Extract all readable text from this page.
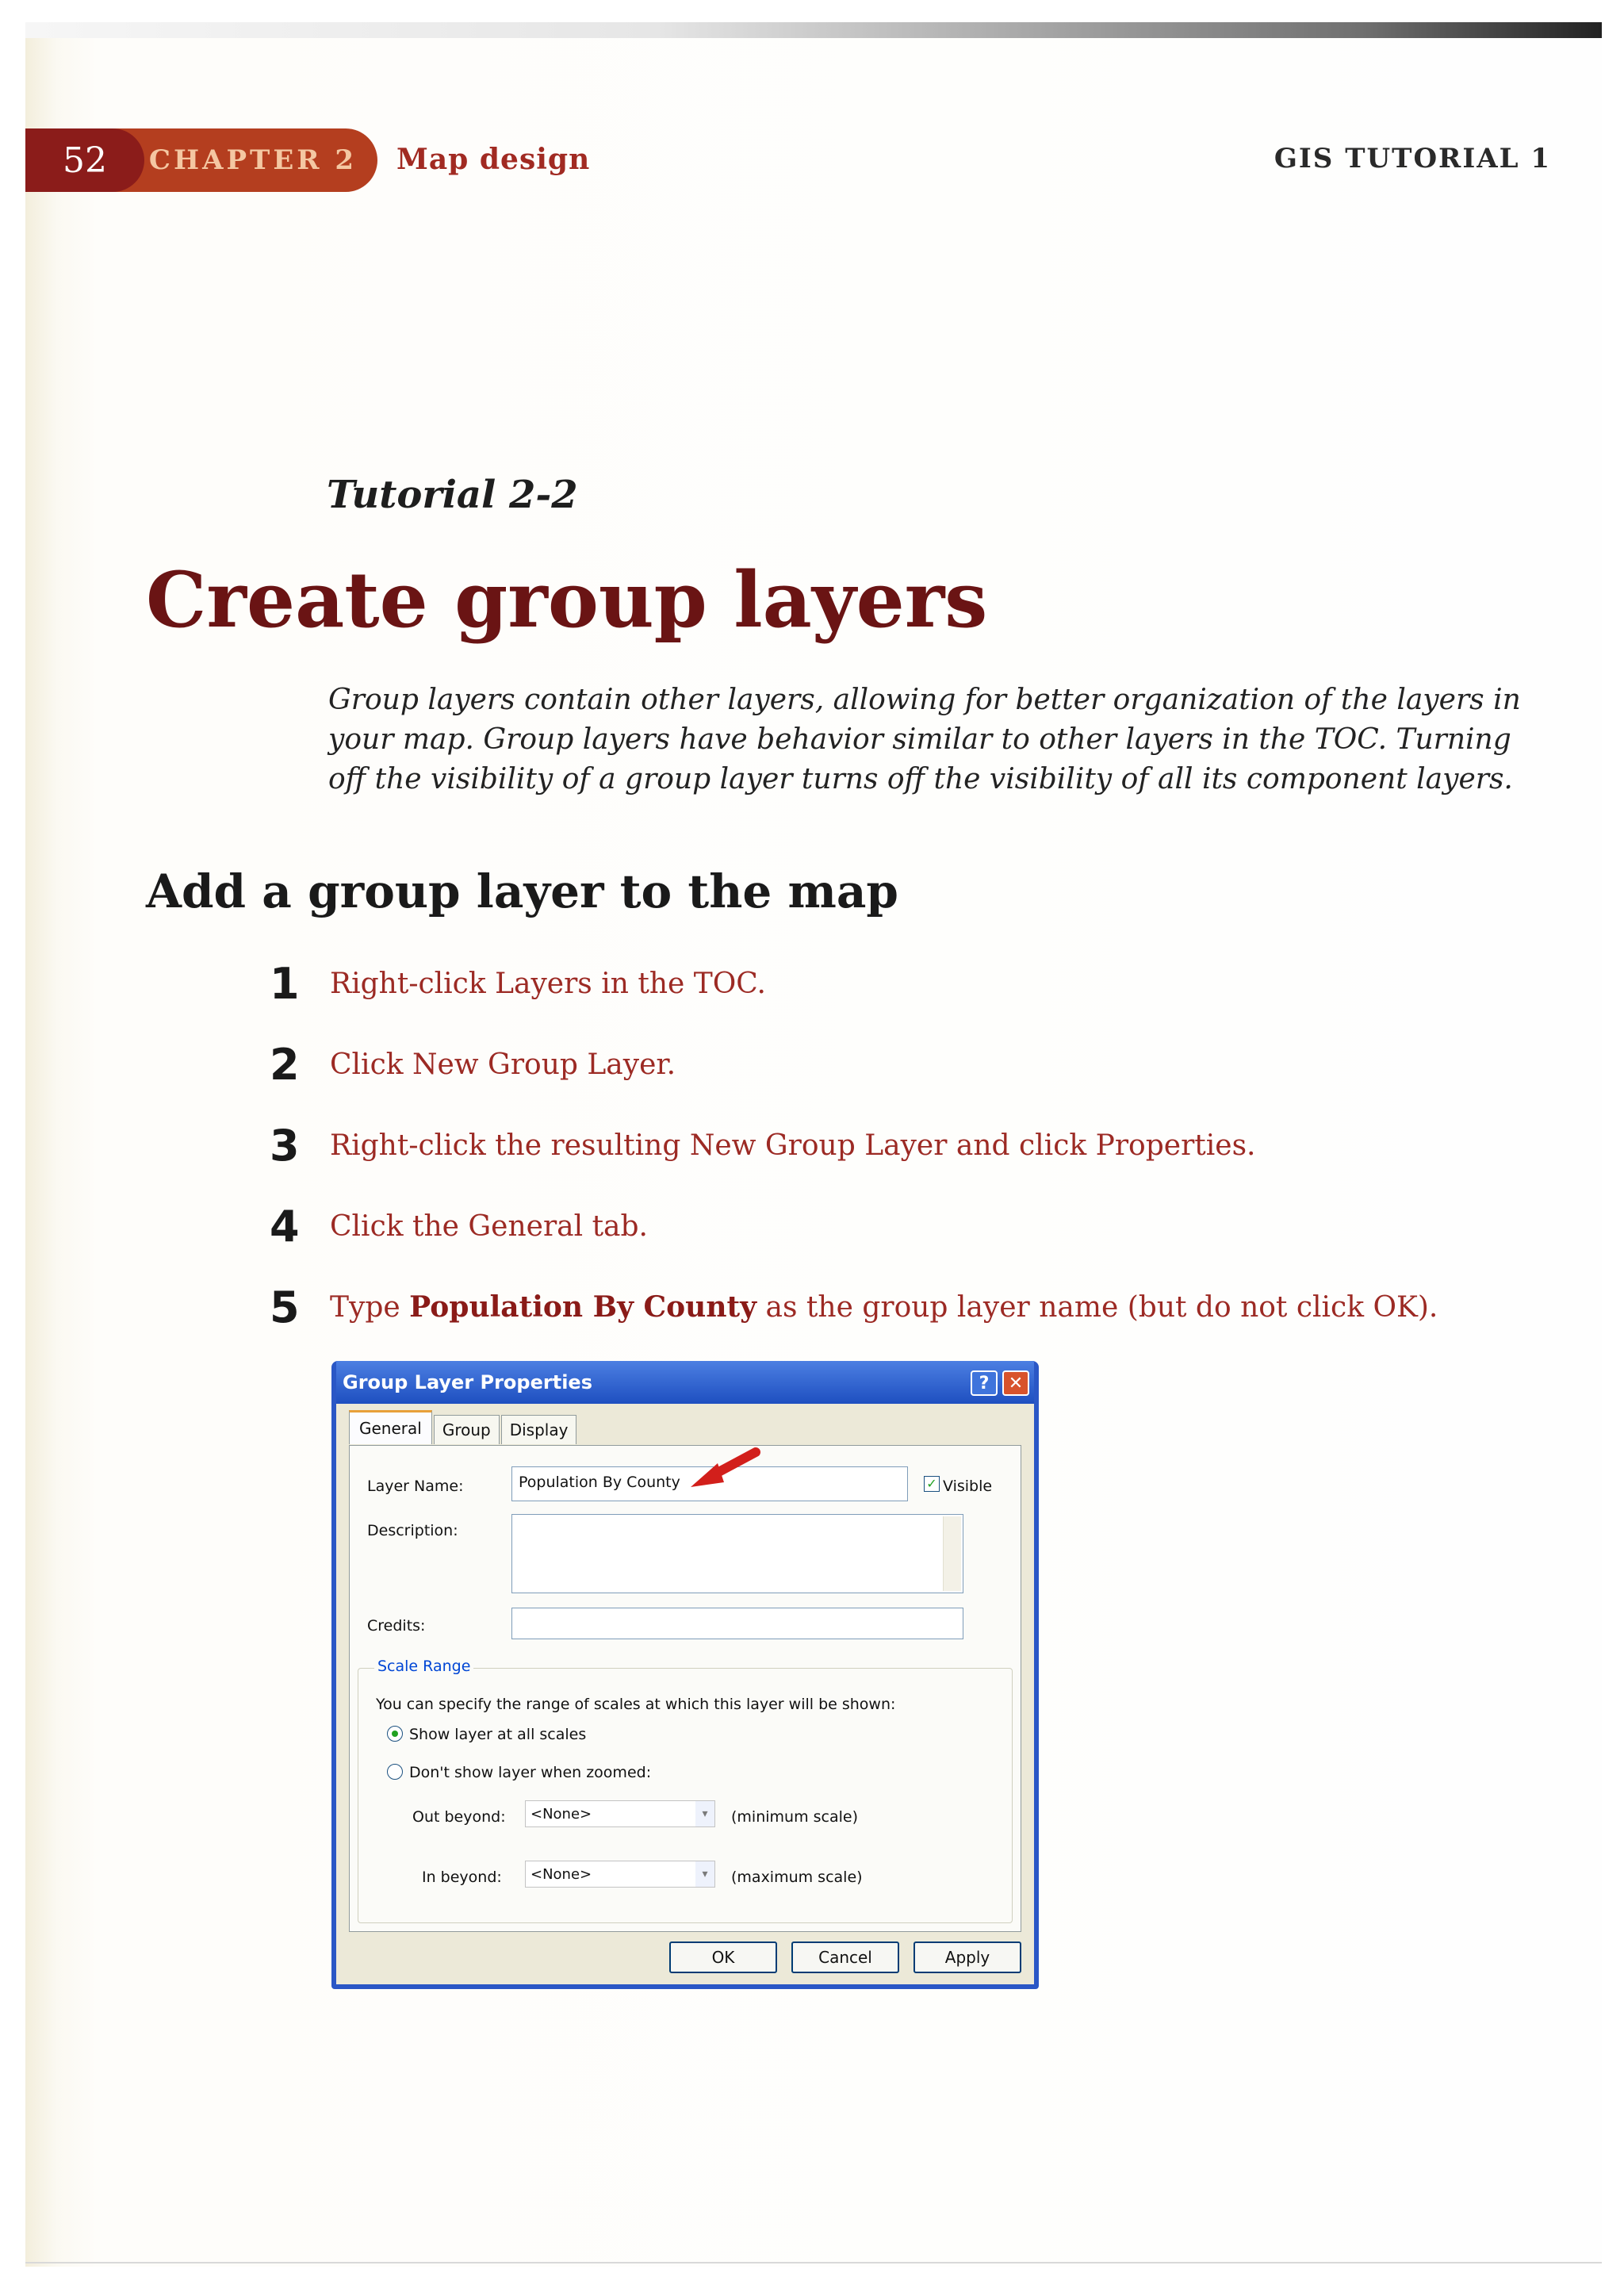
CHAPTER 2
52	Map design	GIS TUTORIAL 1
Tutorial 2-2
Create group layers
Group layers contain other layers, allowing for better organization of the layers in your map. Group layers have behavior similar to other layers in the TOC. Turning off the visibility of a group layer turns off the visibility of all its component layers.
Add a group layer to the map
1	Right-click Layers in the TOC.
2	Click New Group Layer.
3	Right-click the resulting New Group Layer and click Properties.
4	Click the General tab.
5	Type Population By County as the group layer name (but do not click OK).
Group Layer Properties	?	✕
General	Group	Display
Layer Name:	Population By County	✓ Visible
Description:
Credits:
Scale Range
You can specify the range of scales at which this layer will be shown:
Show layer at all scales
Don't show layer when zoomed:
Out beyond: <None>	▾	(minimum scale)
In beyond: <None>	▾	(maximum scale)
OK	Cancel	Apply
